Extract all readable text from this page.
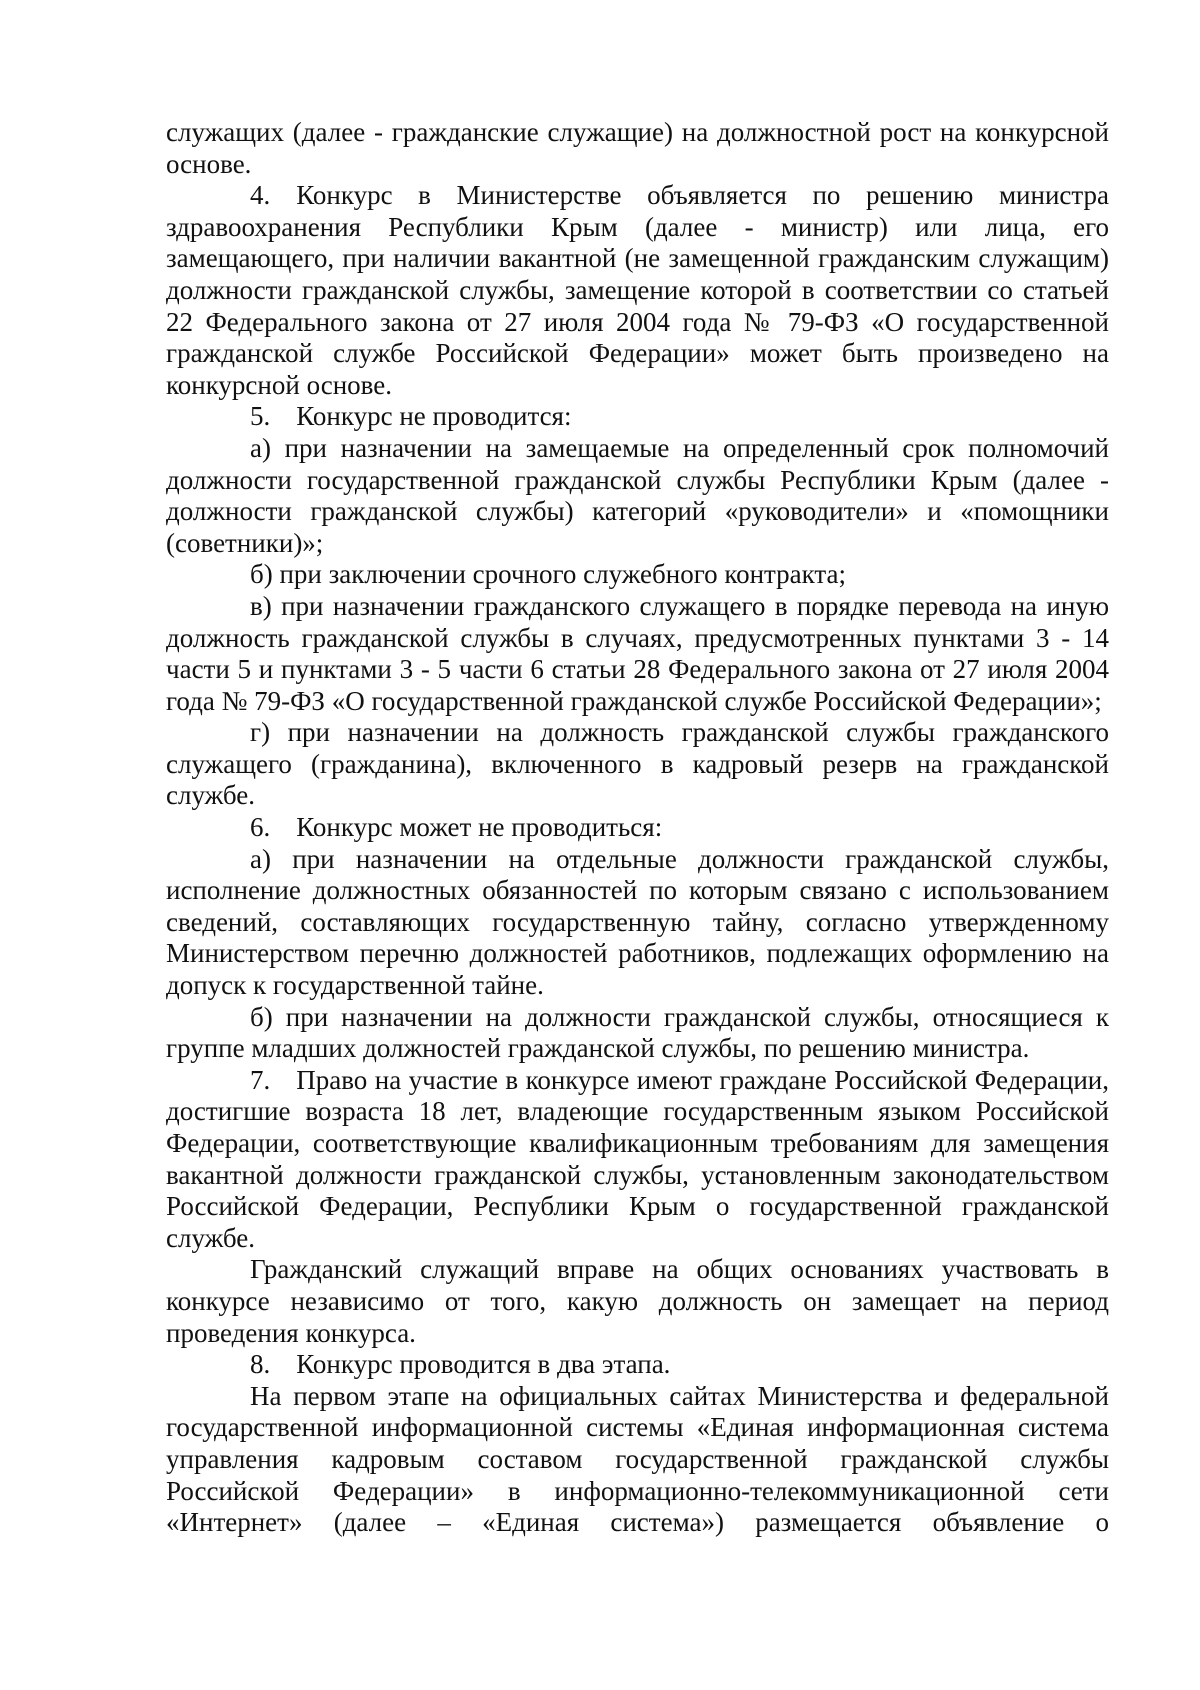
служащих (далее - гражданские служащие) на должностной рост на конкурсной основе.

4. Конкурс в Министерстве объявляется по решению министра здравоохранения Республики Крым (далее - министр) или лица, его замещающего, при наличии вакантной (не замещенной гражданским служащим) должности гражданской службы, замещение которой в соответствии со статьей 22 Федерального закона от 27 июля 2004 года № 79-ФЗ «О государственной гражданской службе Российской Федерации» может быть произведено на конкурсной основе.

5. Конкурс не проводится:

а) при назначении на замещаемые на определенный срок полномочий должности государственной гражданской службы Республики Крым (далее - должности гражданской службы) категорий «руководители» и «помощники (советники)»;

б) при заключении срочного служебного контракта;

в) при назначении гражданского служащего в порядке перевода на иную должность гражданской службы в случаях, предусмотренных пунктами 3 - 14 части 5 и пунктами 3 - 5 части 6 статьи 28 Федерального закона от 27 июля 2004 года № 79-ФЗ «О государственной гражданской службе Российской Федерации»;

г) при назначении на должность гражданской службы гражданского служащего (гражданина), включенного в кадровый резерв на гражданской службе.

6. Конкурс может не проводиться:

а) при назначении на отдельные должности гражданской службы, исполнение должностных обязанностей по которым связано с использованием сведений, составляющих государственную тайну, согласно утвержденному Министерством перечню должностей работников, подлежащих оформлению на допуск к государственной тайне.

б) при назначении на должности гражданской службы, относящиеся к группе младших должностей гражданской службы, по решению министра.

7. Право на участие в конкурсе имеют граждане Российской Федерации, достигшие возраста 18 лет, владеющие государственным языком Российской Федерации, соответствующие квалификационным требованиям для замещения вакантной должности гражданской службы, установленным законодательством Российской Федерации, Республики Крым о государственной гражданской службе.

Гражданский служащий вправе на общих основаниях участвовать в конкурсе независимо от того, какую должность он замещает на период проведения конкурса.

8. Конкурс проводится в два этапа.

На первом этапе на официальных сайтах Министерства и федеральной государственной информационной системы «Единая информационная система управления кадровым составом государственной гражданской службы Российской Федерации» в информационно-телекоммуникационной сети «Интернет» (далее – «Единая система») размещается объявление о
